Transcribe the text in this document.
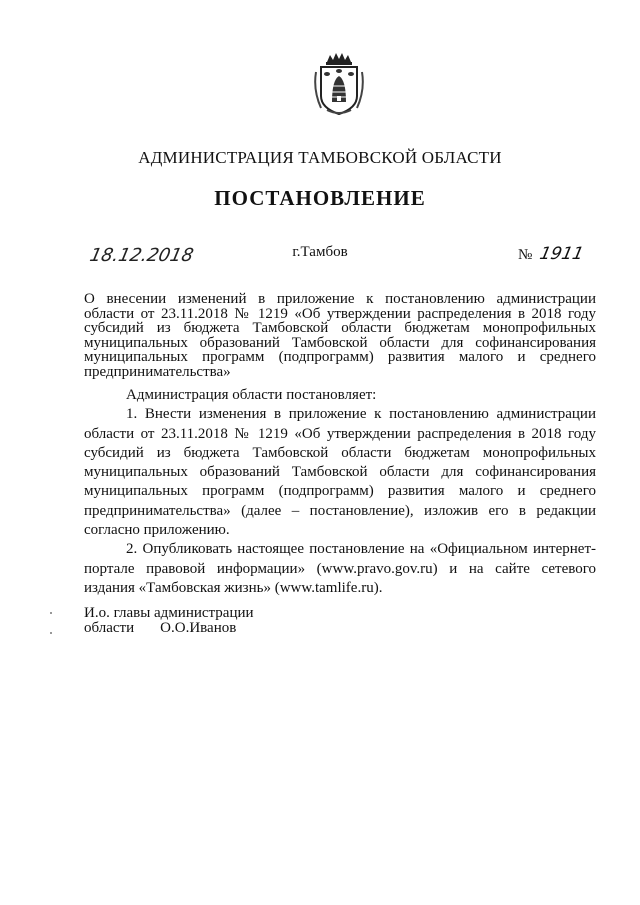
АДМИНИСТРАЦИЯ ТАМБОВСКОЙ ОБЛАСТИ
ПОСТАНОВЛЕНИЕ
18.12.2018	г.Тамбов	№ 1911
О внесении изменений в приложение к постановлению администрации
области от 23.11.2018 № 1219 «Об утверждении распределения в 2018 году
субсидий из бюджета Тамбовской области бюджетам монопрофильных
муниципальных образований Тамбовской области для софинансирования
муниципальных программ (подпрограмм) развития малого и среднего
предпринимательства»
Администрация области постановляет:
1. Внести изменения в приложение к постановлению администрации
области от 23.11.2018 № 1219 «Об утверждении распределения в 2018 году
субсидий из бюджета Тамбовской области бюджетам монопрофильных
муниципальных образований Тамбовской области для софинансирования
муниципальных программ (подпрограмм) развития малого и среднего
предпринимательства» (далее – постановление), изложив его в редакции
согласно приложению.
2. Опубликовать настоящее постановление на «Официальном интернет-
портале правовой информации» (www.pravo.gov.ru) и на сайте сетевого
издания «Тамбовская жизнь» (www.tamlife.ru).
И.о. главы администрации
области О.О.Иванов
